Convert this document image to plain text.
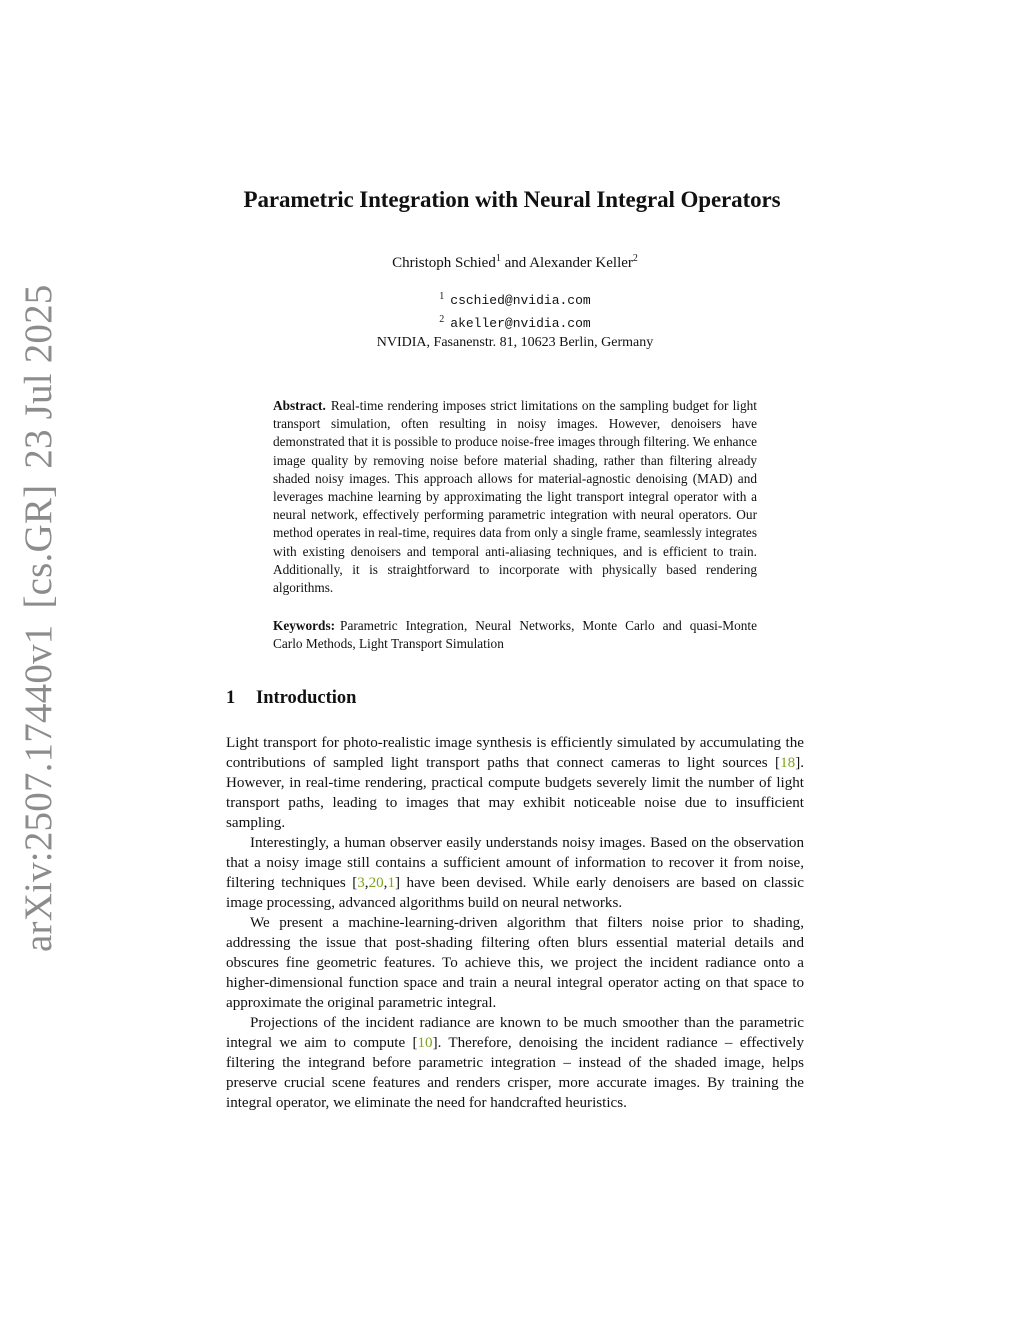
arXiv:2507.17440v1[cs.GR]23 Jul 2025
Parametric Integration with Neural Integral Operators
Christoph Schied$^1$ and Alexander Keller$^2$
$^1$ cschied@nvidia.com
$^2$ akeller@nvidia.com
NVIDIA, Fasanenstr. 81, 10623 Berlin, Germany
Abstract. Real-time rendering imposes strict limitations on the sampling budget for light transport simulation, often resulting in noisy images. However, denoisers have demonstrated that it is possible to produce noise-free images through filtering. We enhance image quality by removing noise before material shading, rather than filtering already shaded noisy images. This approach allows for material-agnostic denoising (MAD) and leverages machine learning by approximating the light transport integral operator with a neural network, effectively performing parametric integration with neural operators. Our method operates in real-time, requires data from only a single frame, seamlessly integrates with existing denoisers and temporal anti-aliasing techniques, and is efficient to train. Additionally, it is straightforward to incorporate with physically based rendering algorithms.
Keywords: Parametric Integration, Neural Networks, Monte Carlo and quasi-Monte Carlo Methods, Light Transport Simulation
1 Introduction

Light transport for photo-realistic image synthesis is efficiently simulated by accumulating the contributions of sampled light transport paths that connect cameras to light sources [18]. However, in real-time rendering, practical compute budgets severely limit the number of light transport paths, leading to images that may exhibit noticeable noise due to insufficient sampling.

Interestingly, a human observer easily understands noisy images. Based on the observation that a noisy image still contains a sufficient amount of information to recover it from noise, filtering techniques [3,20,1] have been devised. While early denoisers are based on classic image processing, advanced algorithms build on neural networks.

We present a machine-learning-driven algorithm that filters noise prior to shading, addressing the issue that post-shading filtering often blurs essential material details and obscures fine geometric features. To achieve this, we project the incident radiance onto a higher-dimensional function space and train a neural integral operator acting on that space to approximate the original parametric integral.

Projections of the incident radiance are known to be much smoother than the parametric integral we aim to compute [10]. Therefore, denoising the incident radiance – effectively filtering the integrand before parametric integration – instead of the shaded image, helps preserve crucial scene features and renders crisper, more accurate images. By training the integral operator, we eliminate the need for handcrafted heuristics.
